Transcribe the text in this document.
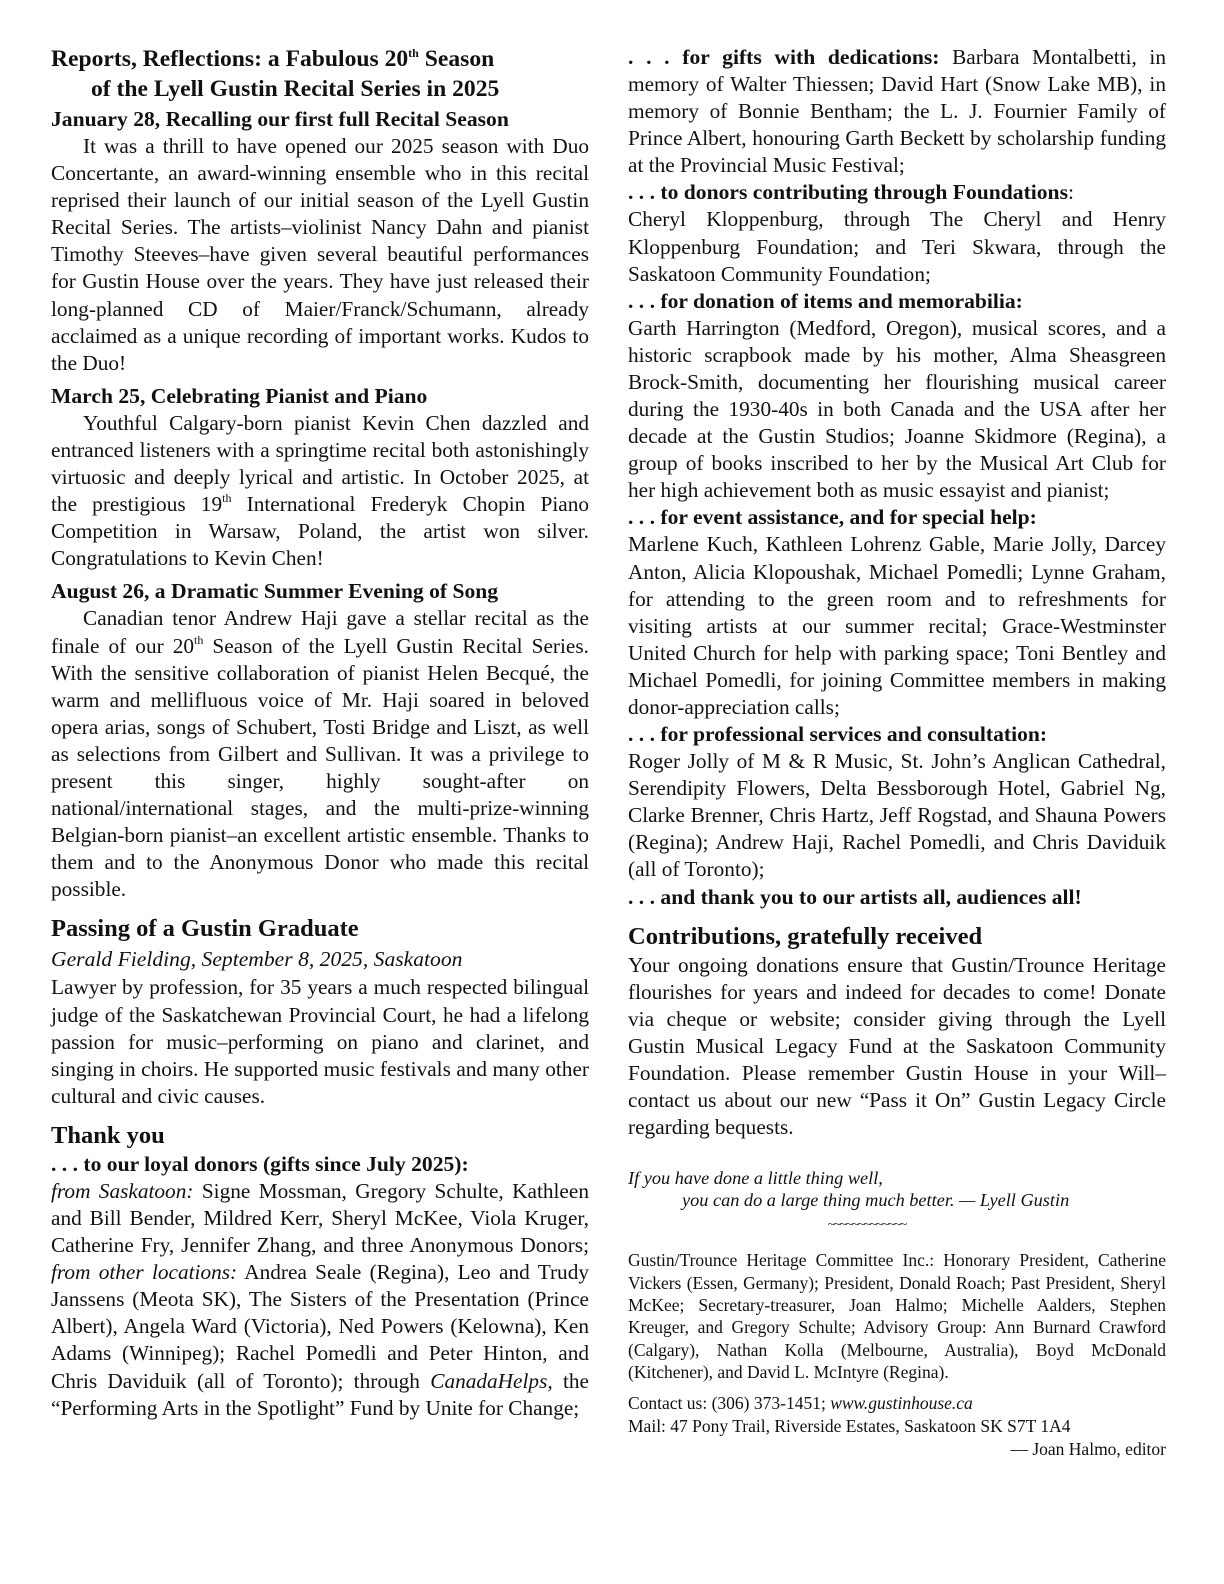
Reports, Reflections: a Fabulous 20th Season
of the Lyell Gustin Recital Series in 2025

January 28, Recalling our first full Recital Season

It was a thrill to have opened our 2025 season with Duo Concertante, an award-winning ensemble who in this recital reprised their launch of our initial season of the Lyell Gustin Recital Series. The artists–violinist Nancy Dahn and pianist Timothy Steeves–have given several beautiful performances for Gustin House over the years. They have just released their long-planned CD of Maier/Franck/Schumann, already acclaimed as a unique recording of important works. Kudos to the Duo!

March 25, Celebrating Pianist and Piano

Youthful Calgary-born pianist Kevin Chen dazzled and entranced listeners with a springtime recital both astonishingly virtuosic and deeply lyrical and artistic. In October 2025, at the prestigious 19th International Frederyk Chopin Piano Competition in Warsaw, Poland, the artist won silver. Congratulations to Kevin Chen!

August 26, a Dramatic Summer Evening of Song

Canadian tenor Andrew Haji gave a stellar recital as the finale of our 20th Season of the Lyell Gustin Recital Series. With the sensitive collaboration of pianist Helen Becqué, the warm and mellifluous voice of Mr. Haji soared in beloved opera arias, songs of Schubert, Tosti Bridge and Liszt, as well as selections from Gilbert and Sullivan. It was a privilege to present this singer, highly sought-after on national/international stages, and the multi-prize-winning Belgian-born pianist–an excellent artistic ensemble. Thanks to them and to the Anonymous Donor who made this recital possible.

Passing of a Gustin Graduate

Gerald Fielding, September 8, 2025, Saskatoon

Lawyer by profession, for 35 years a much respected bilingual judge of the Saskatchewan Provincial Court, he had a lifelong passion for music–performing on piano and clarinet, and singing in choirs. He supported music festivals and many other cultural and civic causes.

Thank you

. . . to our loyal donors (gifts since July 2025):

from Saskatoon: Signe Mossman, Gregory Schulte, Kathleen and Bill Bender, Mildred Kerr, Sheryl McKee, Viola Kruger, Catherine Fry, Jennifer Zhang, and three Anonymous Donors; from other locations: Andrea Seale (Regina), Leo and Trudy Janssens (Meota SK), The Sisters of the Presentation (Prince Albert), Angela Ward (Victoria), Ned Powers (Kelowna), Ken Adams (Winnipeg); Rachel Pomedli and Peter Hinton, and Chris Daviduik (all of Toronto); through CanadaHelps, the “Performing Arts in the Spotlight” Fund by Unite for Change;

. . . for gifts with dedications: Barbara Montalbetti, in memory of Walter Thiessen; David Hart (Snow Lake MB), in memory of Bonnie Bentham; the L. J. Fournier Family of Prince Albert, honouring Garth Beckett by scholarship funding at the Provincial Music Festival;

. . . to donors contributing through Foundations:

Cheryl Kloppenburg, through The Cheryl and Henry Kloppenburg Foundation; and Teri Skwara, through the Saskatoon Community Foundation;

. . . for donation of items and memorabilia:

Garth Harrington (Medford, Oregon), musical scores, and a historic scrapbook made by his mother, Alma Sheasgreen Brock-Smith, documenting her flourishing musical career during the 1930-40s in both Canada and the USA after her decade at the Gustin Studios; Joanne Skidmore (Regina), a group of books inscribed to her by the Musical Art Club for her high achievement both as music essayist and pianist;

. . . for event assistance, and for special help:

Marlene Kuch, Kathleen Lohrenz Gable, Marie Jolly, Darcey Anton, Alicia Klopoushak, Michael Pomedli; Lynne Graham, for attending to the green room and to refreshments for visiting artists at our summer recital; Grace-Westminster United Church for help with parking space; Toni Bentley and Michael Pomedli, for joining Committee members in making donor-appreciation calls;

. . . for professional services and consultation:

Roger Jolly of M & R Music, St. John’s Anglican Cathedral, Serendipity Flowers, Delta Bessborough Hotel, Gabriel Ng, Clarke Brenner, Chris Hartz, Jeff Rogstad, and Shauna Powers (Regina); Andrew Haji, Rachel Pomedli, and Chris Daviduik (all of Toronto);

. . . and thank you to our artists all, audiences all!

Contributions, gratefully received

Your ongoing donations ensure that Gustin/Trounce Heritage flourishes for years and indeed for decades to come! Donate via cheque or website; consider giving through the Lyell Gustin Musical Legacy Fund at the Saskatoon Community Foundation. Please remember Gustin House in your Will–contact us about our new “Pass it On” Gustin Legacy Circle regarding bequests.

If you have done a little thing well,
you can do a large thing much better. — Lyell Gustin

~~~~~~~~~~~~~

Gustin/Trounce Heritage Committee Inc.: Honorary President, Catherine Vickers (Essen, Germany); President, Donald Roach; Past President, Sheryl McKee; Secretary-treasurer, Joan Halmo; Michelle Aalders, Stephen Kreuger, and Gregory Schulte; Advisory Group: Ann Burnard Crawford (Calgary), Nathan Kolla (Melbourne, Australia), Boyd McDonald (Kitchener), and David L. McIntyre (Regina).

Contact us: (306) 373-1451; www.gustinhouse.ca

Mail: 47 Pony Trail, Riverside Estates, Saskatoon SK S7T 1A4

— Joan Halmo, editor
